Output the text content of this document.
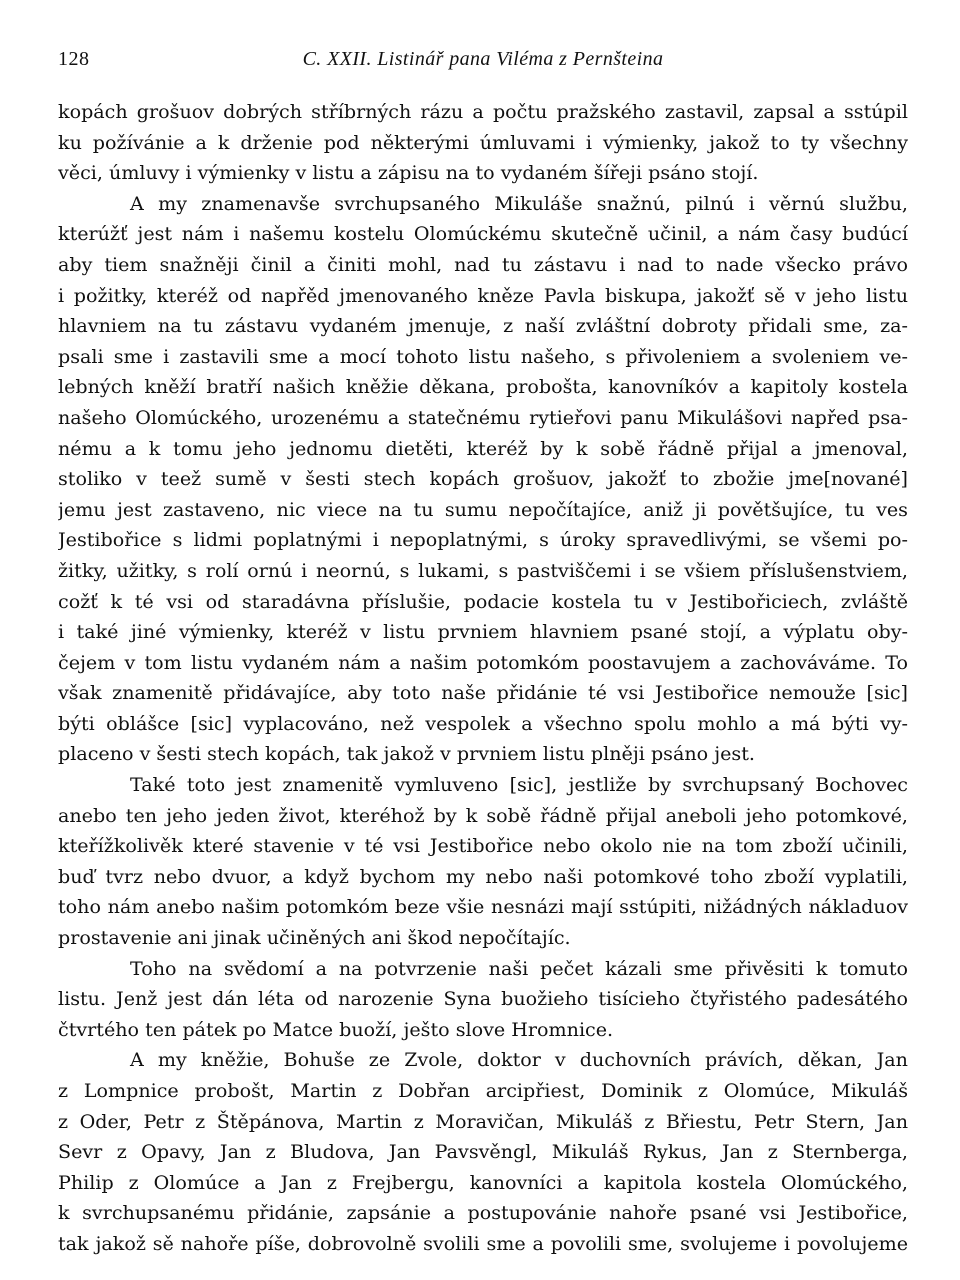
128	C. XXII. Listinář pana Viléma z Pernšteina

kopách grošuov dobrých stříbrných rázu a počtu pražského zastavil, zapsal a sstúpil
ku požívánie a k drženie pod některými úmluvami i výmienky, jakož to ty všechny
věci, úmluvy i výmienky v listu a zápisu na to vydaném šířeji psáno stojí.

A my znamenavše svrchupsaného Mikuláše snažnú, pilnú i věrnú službu,
kterúžť jest nám i našemu kostelu Olomúckému skutečně učinil, a nám časy budúcí
aby tiem snažněji činil a činiti mohl, nad tu zástavu i nad to nade všecko právo
i požitky, kteréž od napřěd jmenovaného kněze Pavla biskupa, jakožť sě v jeho listu
hlavniem na tu zástavu vydaném jmenuje, z naší zvláštní dobroty přidali sme, za-
psali sme i zastavili sme a mocí tohoto listu našeho, s přivoleniem a svoleniem ve-
lebných kněží bratří našich kněžie děkana, probošta, kanovníkóv a kapitoly kostela
našeho Olomúckého, urozenému a statečnému rytieřovi panu Mikulášovi napřed psa-
nému a k tomu jeho jednomu dietěti, kteréž by k sobě řádně přijal a jmenoval,
stoliko v teež sumě v šesti stech kopách grošuov, jakožť to zbožie jme[nované]
jemu jest zastaveno, nic viece na tu sumu nepočítajíce, aniž ji povětšujíce, tu ves
Jestibořice s lidmi poplatnými i nepoplatnými, s úroky spravedlivými, se všemi po-
žitky, užitky, s rolí ornú i neornú, s lukami, s pastviščemi i se všiem příslušenstviem,
cožť k té vsi od staradávna příslušie, podacie kostela tu v Jestibořiciech, zvláště
i také jiné výmienky, kteréž v listu prvniem hlavniem psané stojí, a výplatu oby-
čejem v tom listu vydaném nám a našim potomkóm poostavujem a zachováváme. To
však znamenitě přidávajíce, aby toto naše přidánie té vsi Jestibořice nemouže [sic]
býti oblášce [sic] vyplacováno, než vespolek a všechno spolu mohlo a má býti vy-
placeno v šesti stech kopách, tak jakož v prvniem listu plněji psáno jest.

Také toto jest znamenitě vymluveno [sic], jestliže by svrchupsaný Bochovec
anebo ten jeho jeden život, kteréhož by k sobě řádně přijal aneboli jeho potomkové,
kteřížkolivěk které stavenie v té vsi Jestibořice nebo okolo nie na tom zboží učinili,
buď tvrz nebo dvuor, a když bychom my nebo naši potomkové toho zboží vyplatili,
toho nám anebo našim potomkóm beze všie nesnázi mají sstúpiti, nižádných nákladuov
prostavenie ani jinak učiněných ani škod nepočítajíc.

Toho na svědomí a na potvrzenie naši pečet kázali sme přivěsiti k tomuto
listu. Jenž jest dán léta od narozenie Syna buožieho tisícieho čtyřistého padesátého
čtvrtého ten pátek po Matce buoží, ješto slove Hromnice.

A my kněžie, Bohuše ze Zvole, doktor v duchovních právích, děkan, Jan
z Lompnice probošt, Martin z Dobřan arcipřiest, Dominik z Olomúce, Mikuláš
z Oder, Petr z Štěpánova, Martin z Moravičan, Mikuláš z Břiestu, Petr Stern, Jan
Sevr z Opavy, Jan z Bludova, Jan Pavsvěngl, Mikuláš Rykus, Jan z Sternberga,
Philip z Olomúce a Jan z Frejbergu, kanovníci a kapitola kostela Olomúckého,
k svrchupsanému přidánie, zapsánie a postupovánie nahoře psané vsi Jestibořice,
tak jakož sě nahoře píše, dobrovolně svolili sme a povolili sme, svolujeme i povolujeme
